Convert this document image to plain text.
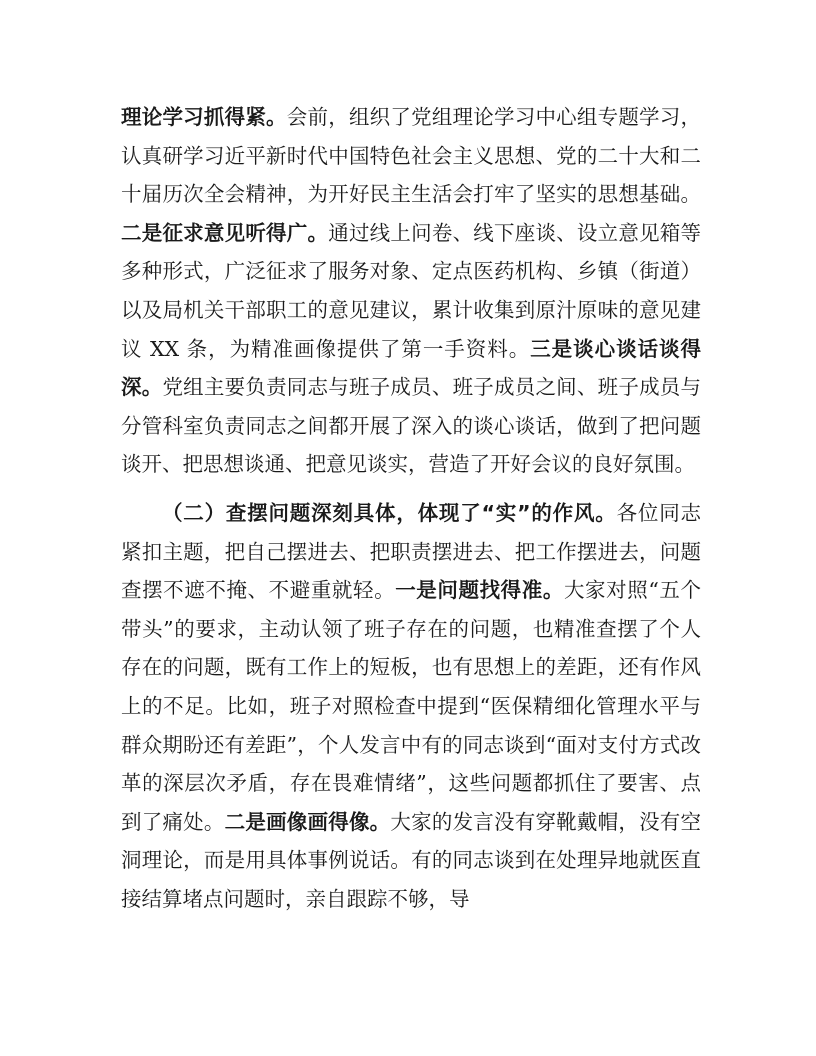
理论学习抓得紧。会前，组织了党组理论学习中心组专题学习，认真研学习近平新时代中国特色社会主义思想、党的二十大和二十届历次全会精神，为开好民主生活会打牢了坚实的思想基础。二是征求意见听得广。通过线上问卷、线下座谈、设立意见箱等多种形式，广泛征求了服务对象、定点医药机构、乡镇（街道）以及局机关干部职工的意见建议，累计收集到原汁原味的意见建议 XX 条，为精准画像提供了第一手资料。三是谈心谈话谈得深。党组主要负责同志与班子成员、班子成员之间、班子成员与分管科室负责同志之间都开展了深入的谈心谈话，做到了把问题谈开、把思想谈通、把意见谈实，营造了开好会议的良好氛围。

（二）查摆问题深刻具体，体现了“实”的作风。各位同志紧扣主题，把自己摆进去、把职责摆进去、把工作摆进去，问题查摆不遮不掩、不避重就轻。一是问题找得准。大家对照“五个带头”的要求，主动认领了班子存在的问题，也精准查摆了个人存在的问题，既有工作上的短板，也有思想上的差距，还有作风上的不足。比如，班子对照检查中提到“医保精细化管理水平与群众期盼还有差距”，个人发言中有的同志谈到“面对支付方式改革的深层次矛盾，存在畏难情绪”，这些问题都抓住了要害、点到了痛处。二是画像画得像。大家的发言没有穿靴戴帽，没有空洞理论，而是用具体事例说话。有的同志谈到在处理异地就医直接结算堵点问题时，亲自跟踪不够，导
